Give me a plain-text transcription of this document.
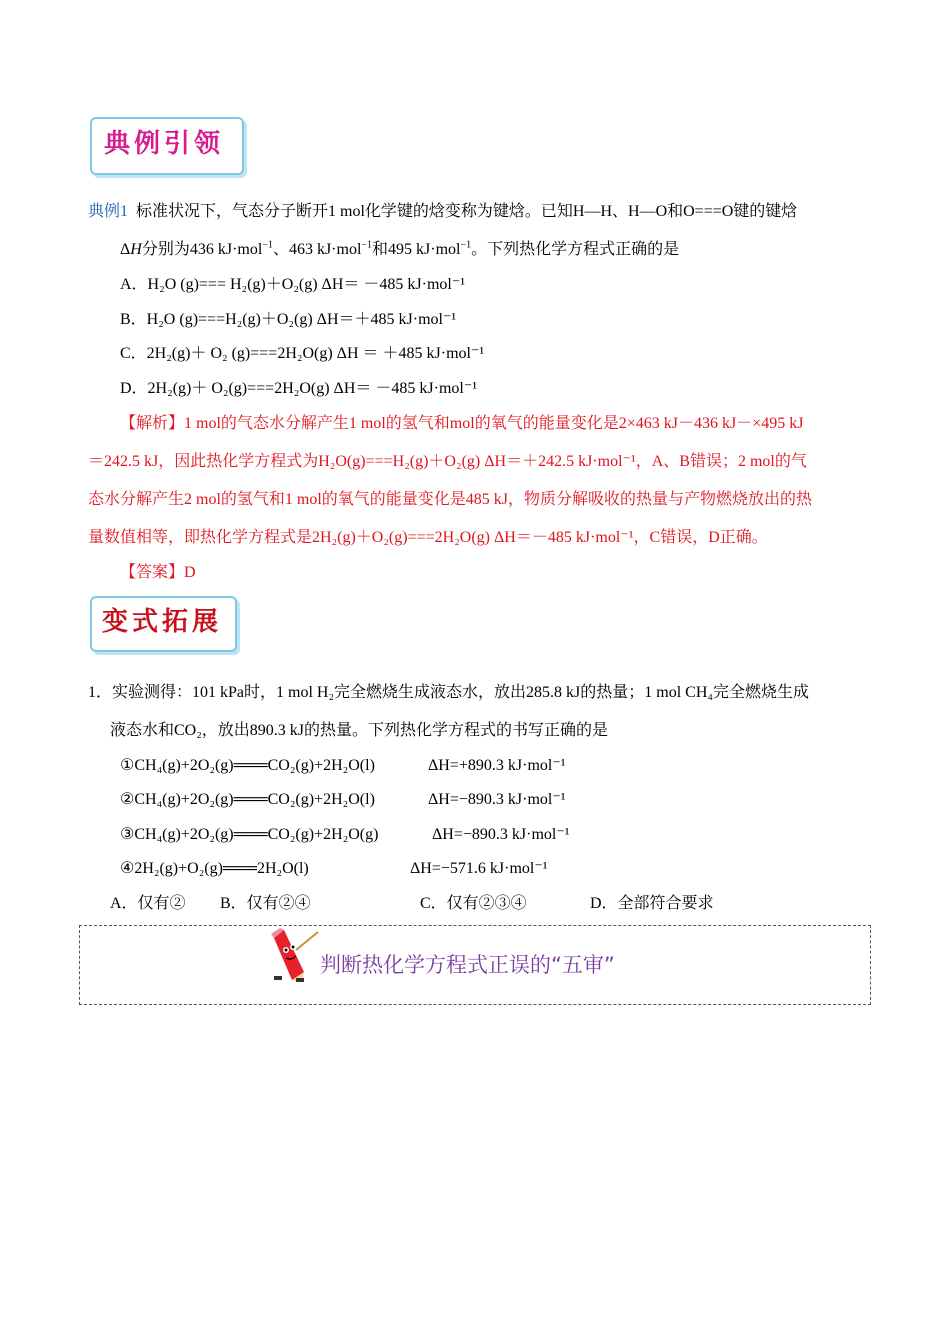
典例引领
典例1 标准状况下，气态分子断开1 mol化学键的焓变称为键焓。已知H—H、H—O和O===O键的键焓
ΔH分别为436 kJ·mol$^{-1}$、463 kJ·mol$^{-1}$和495 kJ·mol$^{-1}$。下列热化学方程式正确的是
A．H₂O (g)=== H₂(g)＋O₂(g) ΔH＝ －485 kJ·mol⁻¹
B．H₂O (g)===H₂(g)＋O₂(g) ΔH＝＋485 kJ·mol⁻¹
C．2H₂(g)＋ O₂ (g)===2H₂O(g) ΔH ＝ ＋485 kJ·mol⁻¹
D．2H₂(g)＋ O₂(g)===2H₂O(g) ΔH＝ －485 kJ·mol⁻¹
【解析】1 mol的气态水分解产生1 mol的氢气和mol的氧气的能量变化是2×463 kJ－436 kJ－×495 kJ
＝242.5 kJ，因此热化学方程式为H₂O(g)===H₂(g)＋O₂(g) ΔH＝＋242.5 kJ·mol⁻¹，A、B错误；2 mol的气
态水分解产生2 mol的氢气和1 mol的氧气的能量变化是485 kJ，物质分解吸收的热量与产物燃烧放出的热
量数值相等，即热化学方程式是2H₂(g)＋O₂(g)===2H₂O(g) ΔH＝－485 kJ·mol⁻¹，C错误，D正确。
【答案】D
变式拓展
1．实验测得：101 kPa时，1 mol H₂完全燃烧生成液态水，放出285.8 kJ的热量；1 mol CH₄完全燃烧生成
液态水和CO₂，放出890.3 kJ的热量。下列热化学方程式的书写正确的是
①CH₄(g)+2O₂(g)═══CO₂(g)+2H₂O(l)	ΔH=+890.3 kJ·mol⁻¹
②CH₄(g)+2O₂(g)═══CO₂(g)+2H₂O(l)	ΔH=−890.3 kJ·mol⁻¹
③CH₄(g)+2O₂(g)═══CO₂(g)+2H₂O(g)	ΔH=−890.3 kJ·mol⁻¹
④2H₂(g)+O₂(g)═══2H₂O(l)	ΔH=−571.6 kJ·mol⁻¹
A．仅有② B．仅有②④	C．仅有②③④	D．全部符合要求
判断热化学方程式正误的“五审”
